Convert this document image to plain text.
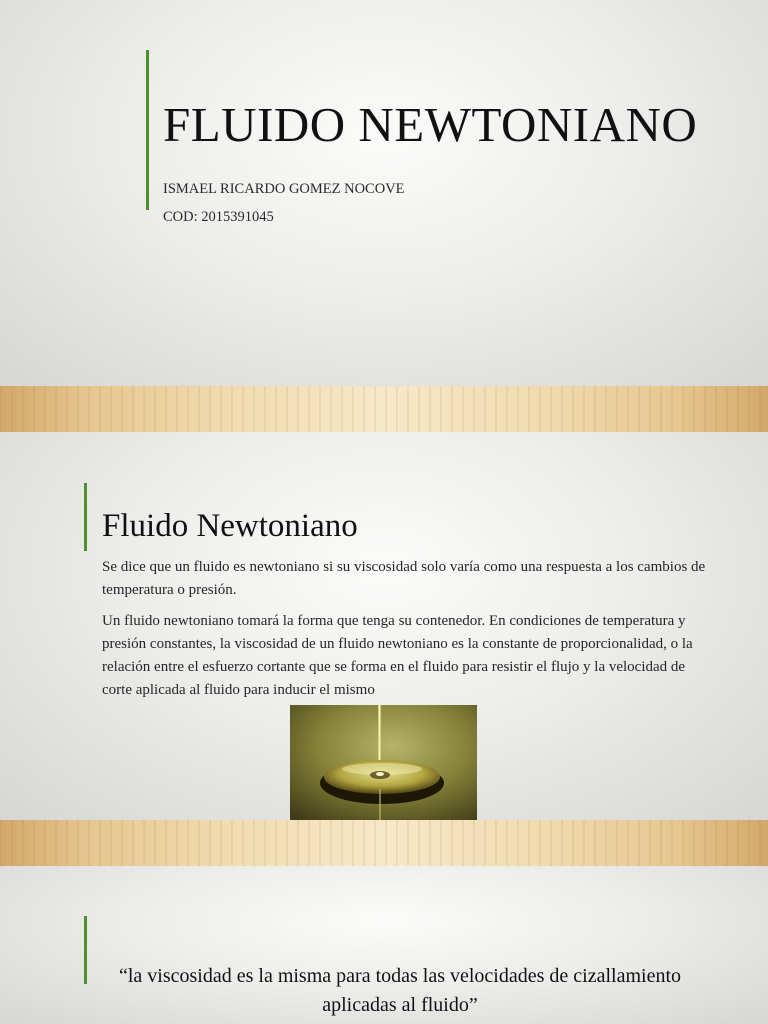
FLUIDO NEWTONIANO
ISMAEL RICARDO GOMEZ NOCOVE
COD: 2015391045
Fluido Newtoniano

Se dice que un fluido es newtoniano si su viscosidad solo varía como una respuesta a los cambios de temperatura o presión.

Un fluido newtoniano tomará la forma que tenga su contenedor. En condiciones de temperatura y presión constantes, la viscosidad de un fluido newtoniano es la constante de proporcionalidad, o la relación entre el esfuerzo cortante que se forma en el fluido para resistir el flujo y la velocidad de corte aplicada al fluido para inducir el mismo

“la viscosidad es la misma para todas las velocidades de cizallamiento aplicadas al fluido”
